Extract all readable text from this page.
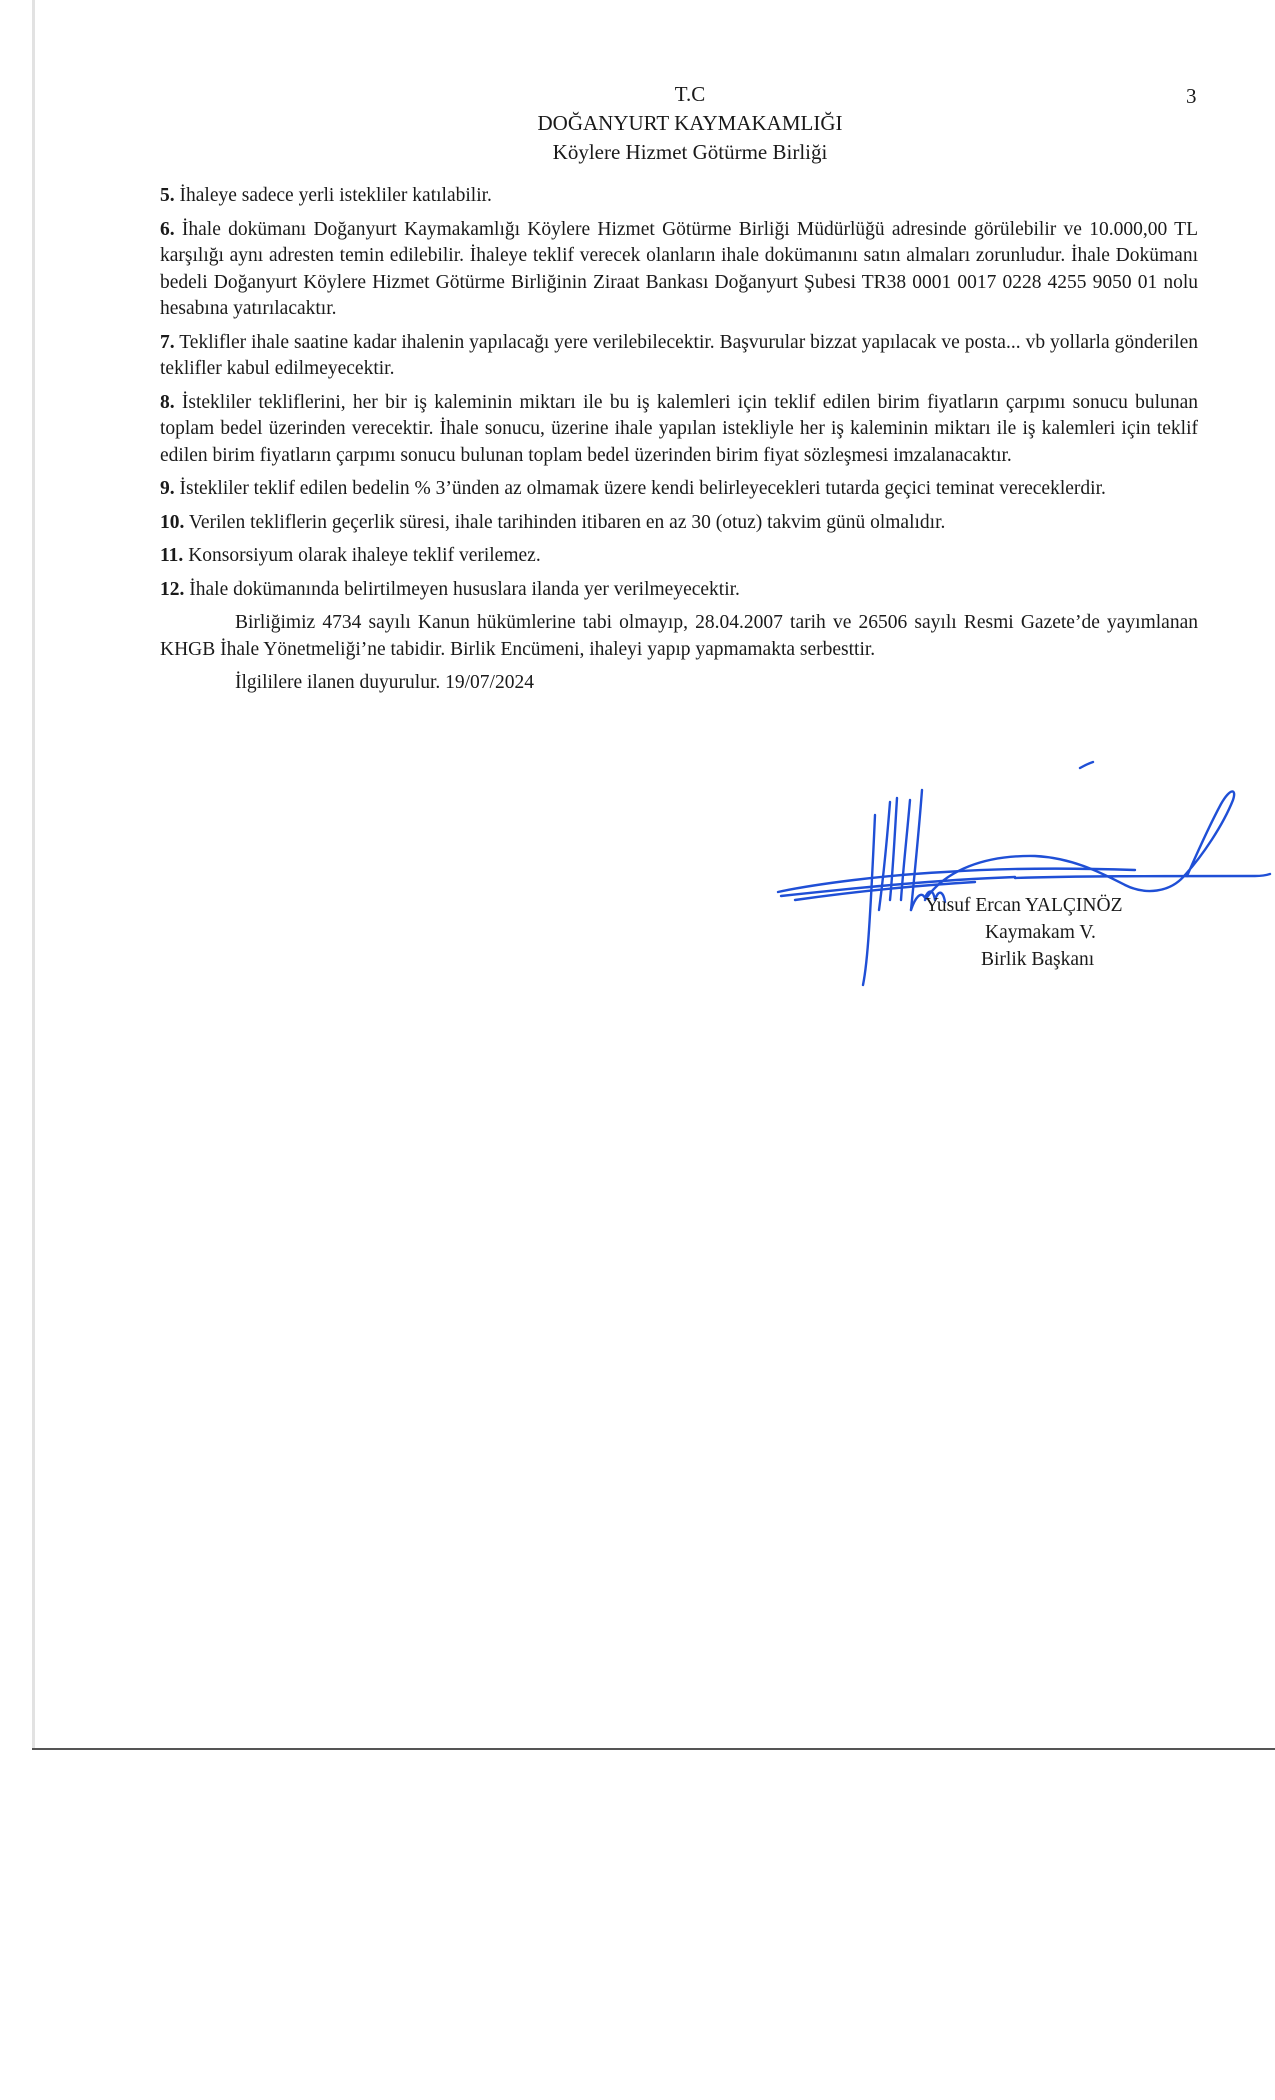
3
T.C
DOĞANYURT KAYMAKAMLIĞI
Köylere Hizmet Götürme Birliği

5. İhaleye sadece yerli istekliler katılabilir.

6. İhale dokümanı Doğanyurt Kaymakamlığı Köylere Hizmet Götürme Birliği Müdürlüğü adresinde görülebilir ve 10.000,00 TL karşılığı aynı adresten temin edilebilir. İhaleye teklif verecek olanların ihale dokümanını satın almaları zorunludur. İhale Dokümanı bedeli Doğanyurt Köylere Hizmet Götürme Birliğinin Ziraat Bankası Doğanyurt Şubesi TR38 0001 0017 0228 4255 9050 01 nolu hesabına yatırılacaktır.

7. Teklifler ihale saatine kadar ihalenin yapılacağı yere verilebilecektir. Başvurular bizzat yapılacak ve posta... vb yollarla gönderilen teklifler kabul edilmeyecektir.

8. İstekliler tekliflerini, her bir iş kaleminin miktarı ile bu iş kalemleri için teklif edilen birim fiyatların çarpımı sonucu bulunan toplam bedel üzerinden verecektir. İhale sonucu, üzerine ihale yapılan istekliyle her iş kaleminin miktarı ile iş kalemleri için teklif edilen birim fiyatların çarpımı sonucu bulunan toplam bedel üzerinden birim fiyat sözleşmesi imzalanacaktır.

9. İstekliler teklif edilen bedelin % 3’ünden az olmamak üzere kendi belirleyecekleri tutarda geçici teminat vereceklerdir.

10. Verilen tekliflerin geçerlik süresi, ihale tarihinden itibaren en az 30 (otuz) takvim günü olmalıdır.

11. Konsorsiyum olarak ihaleye teklif verilemez.

12. İhale dokümanında belirtilmeyen hususlara ilanda yer verilmeyecektir.

Birliğimiz 4734 sayılı Kanun hükümlerine tabi olmayıp, 28.04.2007 tarih ve 26506 sayılı Resmi Gazete’de yayımlanan KHGB İhale Yönetmeliği’ne tabidir. Birlik Encümeni, ihaleyi yapıp yapmamakta serbesttir.

İlgililere ilanen duyurulur. 19/07/2024

Yusuf Ercan YALÇINÖZ
Kaymakam V.
Birlik Başkanı
